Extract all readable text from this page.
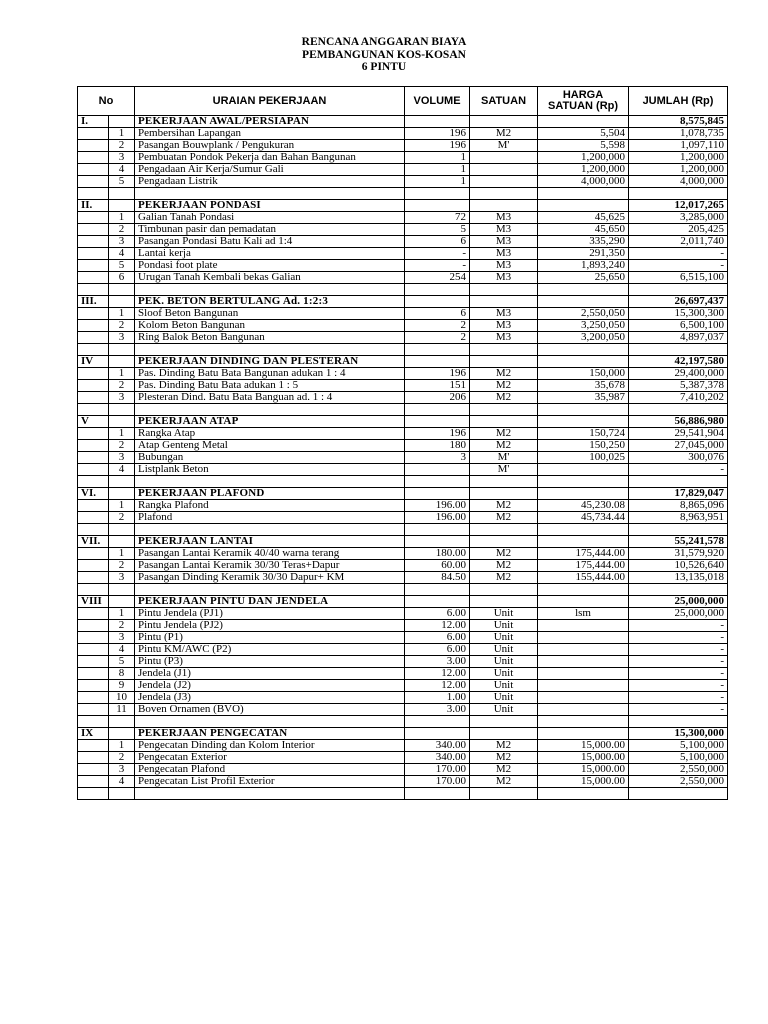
RENCANA ANGGARAN BIAYA
PEMBANGUNAN KOS-KOSAN
6 PINTU
No		URAIAN PEKERJAAN	VOLUME	SATUAN	HARGA SATUAN (Rp)	JUMLAH (Rp)
I.		PEKERJAAN AWAL/PERSIAPAN				8,575,845
	1	Pembersihan Lapangan	196	M2	5,504	1,078,735
	2	Pasangan Bouwplank / Pengukuran	196	M'	5,598	1,097,110
	3	Pembuatan Pondok Pekerja dan Bahan Bangunan	1		1,200,000	1,200,000
	4	Pengadaan Air Kerja/Sumur Gali	1		1,200,000	1,200,000
	5	Pengadaan Listrik	1		4,000,000	4,000,000

II.		PEKERJAAN PONDASI				12,017,265
	1	Galian Tanah Pondasi	72	M3	45,625	3,285,000
	2	Timbunan pasir dan pemadatan	5	M3	45,650	205,425
	3	Pasangan Pondasi Batu Kali ad 1:4	6	M3	335,290	2,011,740
	4	Lantai kerja	-	M3	291,350	-
	5	Pondasi foot plate	-	M3	1,893,240	-
	6	Urugan Tanah Kembali bekas Galian	254	M3	25,650	6,515,100

III.		PEK. BETON BERTULANG Ad. 1:2:3				26,697,437
	1	Sloof Beton Bangunan	6	M3	2,550,050	15,300,300
	2	Kolom Beton Bangunan	2	M3	3,250,050	6,500,100
	3	Ring Balok Beton Bangunan	2	M3	3,200,050	4,897,037

IV		PEKERJAAN DINDING DAN PLESTERAN				42,197,580
	1	Pas. Dinding Batu Bata Bangunan adukan 1 : 4	196	M2	150,000	29,400,000
	2	Pas. Dinding Batu Bata adukan 1 : 5	151	M2	35,678	5,387,378
	3	Plesteran Dind. Batu Bata Banguan ad. 1 : 4	206	M2	35,987	7,410,202

V		PEKERJAAN ATAP				56,886,980
	1	Rangka Atap	196	M2	150,724	29,541,904
	2	Atap Genteng Metal	180	M2	150,250	27,045,000
	3	Bubungan	3	M'	100,025	300,076
	4	Listplank Beton		M'		-

VI.		PEKERJAAN PLAFOND				17,829,047
	1	Rangka Plafond	196.00	M2	45,230.08	8,865,096
	2	Plafond	196.00	M2	45,734.44	8,963,951

VII.		PEKERJAAN LANTAI				55,241,578
	1	Pasangan Lantai Keramik 40/40 warna terang	180.00	M2	175,444.00	31,579,920
	2	Pasangan Lantai Keramik 30/30 Teras+Dapur	60.00	M2	175,444.00	10,526,640
	3	Pasangan Dinding Keramik 30/30 Dapur+ KM	84.50	M2	155,444.00	13,135,018

VIII		PEKERJAAN PINTU DAN JENDELA				25,000,000
	1	Pintu Jendela (PJ1)	6.00	Unit	lsm	25,000,000
	2	Pintu Jendela (PJ2)	12.00	Unit		-
	3	Pintu (P1)	6.00	Unit		-
	4	Pintu KM/AWC (P2)	6.00	Unit		-
	5	Pintu (P3)	3.00	Unit		-
	8	Jendela (J1)	12.00	Unit		-
	9	Jendela (J2)	12.00	Unit		-
	10	Jendela (J3)	1.00	Unit		-
	11	Boven Ornamen (BVO)	3.00	Unit		-

IX		PEKERJAAN PENGECATAN				15,300,000
	1	Pengecatan Dinding dan Kolom Interior	340.00	M2	15,000.00	5,100,000
	2	Pengecatan Exterior	340.00	M2	15,000.00	5,100,000
	3	Pengecatan Plafond	170.00	M2	15,000.00	2,550,000
	4	Pengecatan List Profil Exterior	170.00	M2	15,000.00	2,550,000
